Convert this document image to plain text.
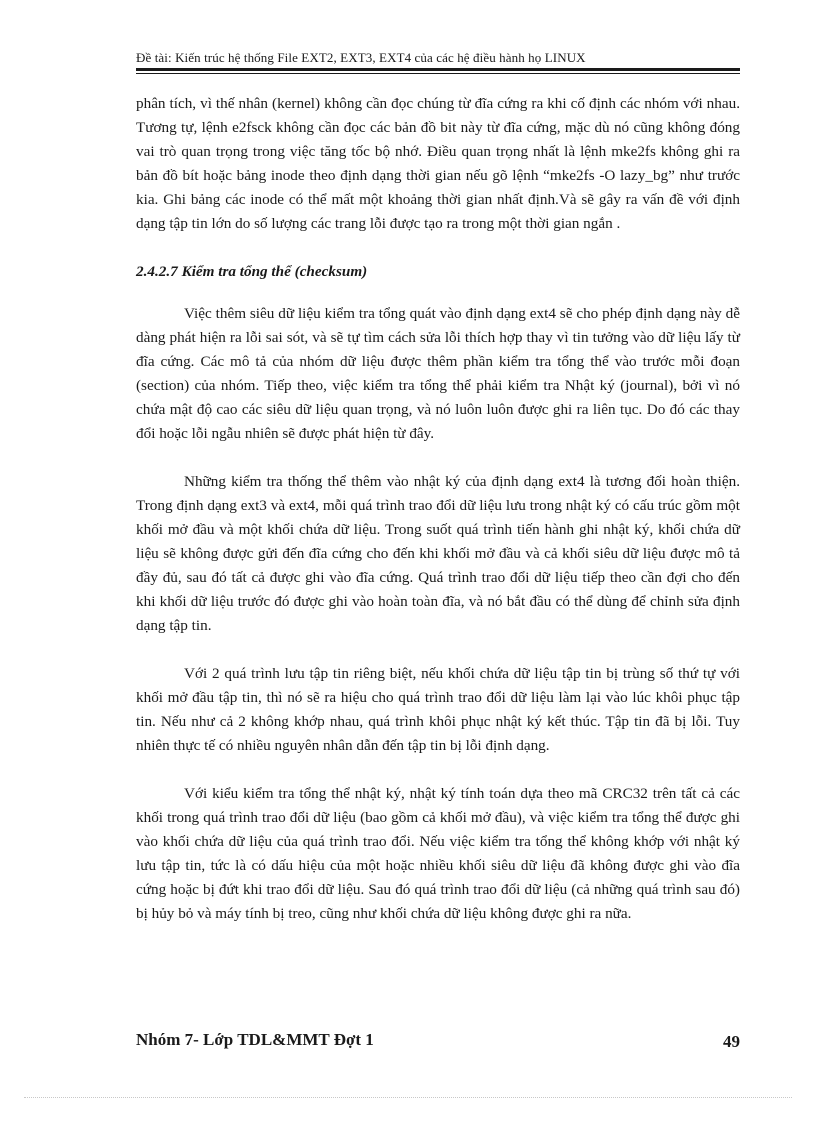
Đề tài: Kiến trúc hệ thống File EXT2, EXT3, EXT4 của các hệ điều hành họ LINUX

phân tích, vì thế nhân (kernel) không cần đọc chúng từ đĩa cứng ra khi cố định các nhóm với nhau. Tương tự, lệnh e2fsck không cần đọc các bản đồ bit này từ đĩa cứng, mặc dù nó cũng không đóng vai trò quan trọng trong việc tăng tốc bộ nhớ. Điều quan trọng nhất là lệnh mke2fs không ghi ra bản đồ bít hoặc bảng inode theo định dạng thời gian nếu gõ lệnh “mke2fs -O lazy_bg” như trước kia. Ghi bảng các inode có thể mất một khoảng thời gian nhất định.Và sẽ gây ra vấn đề với định dạng tập tin lớn do số lượng các trang lỗi được tạo ra trong một thời gian ngắn .

2.4.2.7 Kiểm tra tổng thể (checksum)

Việc thêm siêu dữ liệu kiểm tra tổng quát vào định dạng ext4 sẽ cho phép định dạng này dễ dàng phát hiện ra lỗi sai sót, và sẽ tự tìm cách sửa lỗi thích hợp thay vì tin tưởng vào dữ liệu lấy từ đĩa cứng. Các mô tả của nhóm dữ liệu được thêm phần kiểm tra tổng thể vào trước mỗi đoạn (section) của nhóm. Tiếp theo, việc kiểm tra tổng thể phải kiểm tra Nhật ký (journal), bởi vì nó chứa mật độ cao các siêu dữ liệu quan trọng, và nó luôn luôn được ghi ra liên tục. Do đó các thay đổi hoặc lỗi ngẫu nhiên sẽ được phát hiện từ đây.

Những kiểm tra thống thể thêm vào nhật ký của định dạng ext4 là tương đối hoàn thiện. Trong định dạng ext3 và ext4, mỗi quá trình trao đổi dữ liệu lưu trong nhật ký có cấu trúc gồm một khối mở đầu và một khối chứa dữ liệu. Trong suốt quá trình tiến hành ghi nhật ký, khối chứa dữ liệu sẽ không được gửi đến đĩa cứng cho đến khi khối mở đầu và cả khối siêu dữ liệu được mô tả đầy đủ, sau đó tất cả được ghi vào đĩa cứng. Quá trình trao đổi dữ liệu tiếp theo cần đợi cho đến khi khối dữ liệu trước đó được ghi vào hoàn toàn đĩa, và nó bắt đầu có thể dùng để chỉnh sửa định dạng tập tin.

Với 2 quá trình lưu tập tin riêng biệt, nếu khối chứa dữ liệu tập tin bị trùng số thứ tự với khối mở đầu tập tin, thì nó sẽ ra hiệu cho quá trình trao đổi dữ liệu làm lại vào lúc khôi phục tập tin. Nếu như cả 2 không khớp nhau, quá trình khôi phục nhật ký kết thúc. Tập tin đã bị lỗi. Tuy nhiên thực tế có nhiều nguyên nhân dẫn đến tập tin bị lỗi định dạng.

Với kiểu kiểm tra tổng thể nhật ký, nhật ký tính toán dựa theo mã CRC32 trên tất cả các khối trong quá trình trao đổi dữ liệu (bao gồm cả khối mở đầu), và việc kiểm tra tổng thể được ghi vào khối chứa dữ liệu của quá trình trao đổi. Nếu việc kiểm tra tổng thể không khớp với nhật ký lưu tập tin, tức là có dấu hiệu của một hoặc nhiều khối siêu dữ liệu đã không được ghi vào đĩa cứng hoặc bị đứt khi trao đổi dữ liệu. Sau đó quá trình trao đổi dữ liệu (cả những quá trình sau đó) bị hủy bỏ và máy tính bị treo, cũng như khối chứa dữ liệu không được ghi ra nữa.

Nhóm 7- Lớp TDL&MMT Đợt 1	49
